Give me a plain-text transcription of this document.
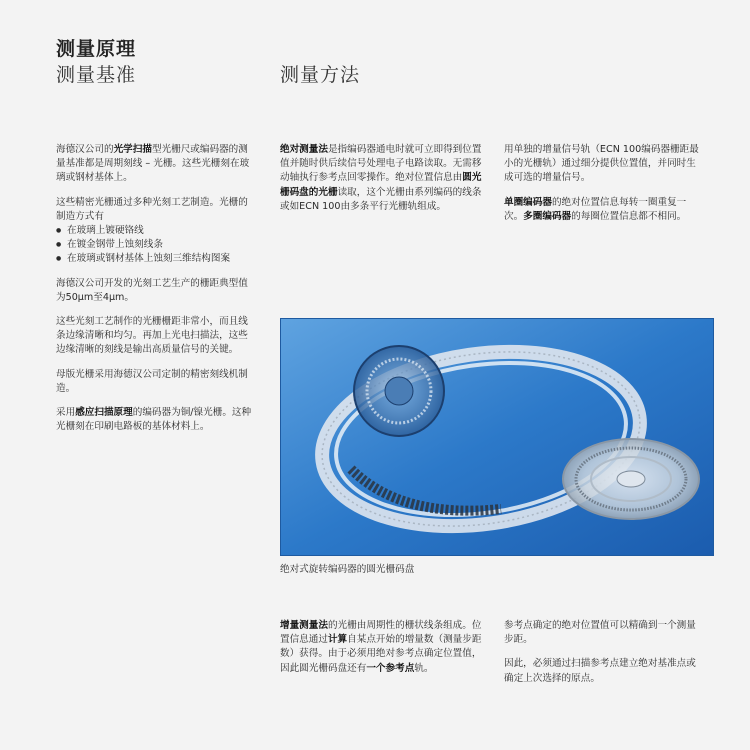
测量原理
测量基准	测量方法

海德汉公司的光学扫描型光栅尺或编码器的测量基准都是周期刻线 – 光栅。这些光栅刻在玻璃或钢材基体上。

这些精密光栅通过多种光刻工艺制造。光栅的制造方式有

● 在玻璃上镀硬铬线
● 在镀金钢带上蚀刻线条
● 在玻璃或钢材基体上蚀刻三维结构图案

海德汉公司开发的光刻工艺生产的栅距典型值为50μm至4μm。

这些光刻工艺制作的光栅栅距非常小，而且线条边缘清晰和均匀。再加上光电扫描法，这些边缘清晰的刻线是输出高质量信号的关键。

母版光栅采用海德汉公司定制的精密刻线机制造。

采用感应扫描原理的编码器为铜/镍光栅。这种光栅刻在印刷电路板的基体材料上。

绝对测量法是指编码器通电时就可立即得到位置值并随时供后续信号处理电子电路读取。无需移动轴执行参考点回零操作。绝对位置信息由圆光栅码盘的光栅读取，这个光栅由系列编码的线条或如ECN 100由多条平行光栅轨组成。

用单独的增量信号轨（ECN 100编码器栅距最小的光栅轨）通过细分提供位置值，并同时生成可选的增量信号。

单圈编码器的绝对位置信息每转一圈重复一次。多圈编码器的每圈位置信息都不相同。

绝对式旋转编码器的圆光栅码盘

增量测量法的光栅由周期性的栅状线条组成。位置信息通过计算自某点开始的增量数（测量步距数）获得。由于必须用绝对参考点确定位置值，因此圆光栅码盘还有一个参考点轨。

参考点确定的绝对位置值可以精确到一个测量步距。

因此，必须通过扫描参考点建立绝对基准点或确定上次选择的原点。
